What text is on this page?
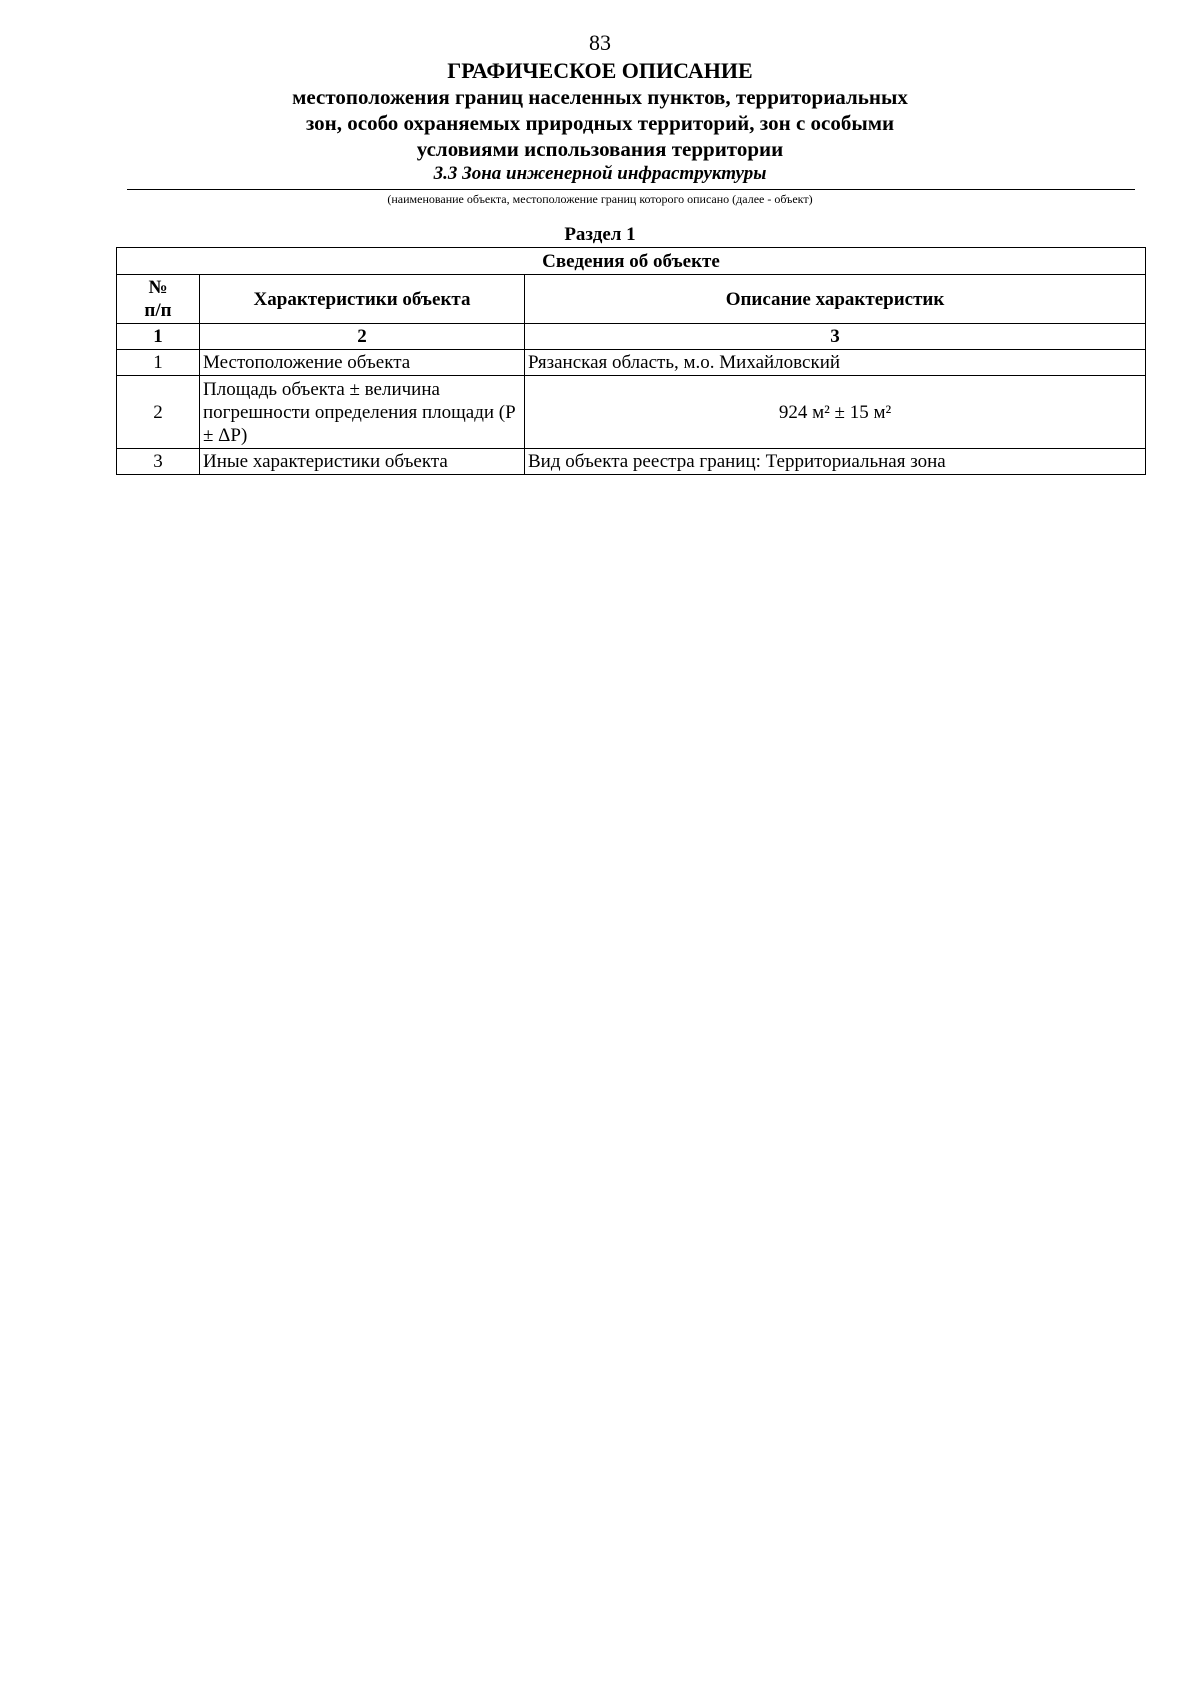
83
ГРАФИЧЕСКОЕ ОПИСАНИЕ
местоположения границ населенных пунктов, территориальных
зон, особо охраняемых природных территорий, зон с особыми
условиями использования территории
3.3 Зона инженерной инфраструктуры
(наименование объекта, местоположение границ которого описано (далее - объект)
Раздел 1
Сведения об объекте		
№
п/п	Характеристики объекта	Описание характеристик
1	2	3
1	Местоположение объекта	Рязанская область, м.о. Михайловский
2	Площадь объекта ± величина погрешности определения площади (P ± ΔP)	924 м² ± 15 м²
3	Иные характеристики объекта	Вид объекта реестра границ: Территориальная зона
